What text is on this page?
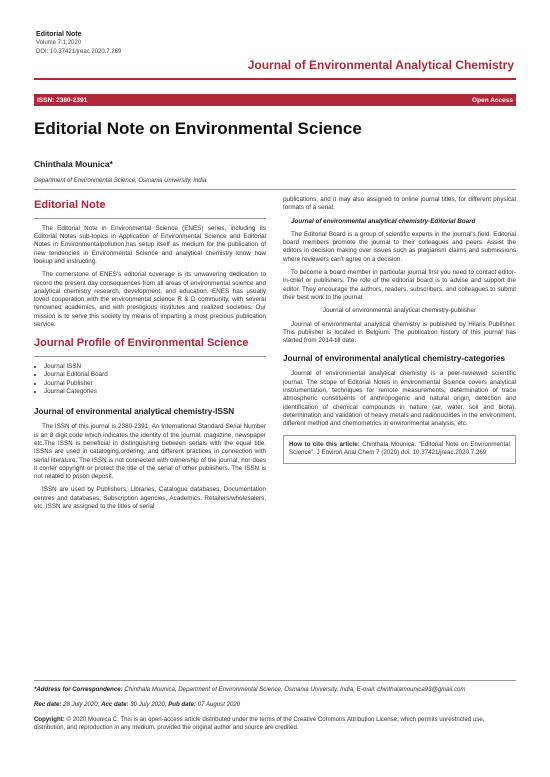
Editorial Note
Volume 7:1,2020
DOI: 10.37421/jreac.2020.7.269
Journal of Environmental Analytical Chemistry
ISSN: 2380-2391	Open Access
Editorial Note on Environmental Science
Chinthala Mounica*
Department of Environmental Science, Osmania University, India
Editorial Note

The Editorial Note in Environmental Science (ENES) series, including its Editorial Notes sub-topics in Application of Environmental Science and Editorial Notes in Environmentalpollution,has setup itself as medium for the publication of new tendencies in Environmental Science and analytical chemistry know how lookup and instructing.

The cornerstone of ENES's editorial coverage is its unwavering dedication to record the present day consequences from all areas of environmental science and analytical chemistry research, development, and education. ENES has usually loved cooperation with the environmental science R & D community, with several renowned academics, and with prestigious institutes and realized societies. Our mission is to serve this society by means of imparting a most precious publication service.

Journal Profile of Environmental Science
• Journal ISSN
• Journal Editorial Board
• Journal Publisher
• Journal Categories
Journal of environmental analytical chemistry-ISSN

The ISSN of this journal is 2380-2391. An International Standard Serial Number is an 8 digit code which indicates the identity of the journal, magazine, newspaper etc.The ISSN is beneficial in distinguishing between serials with the equal title. ISSNs are used in cataloging,ordering, and different practices in connection with serial literature. The ISSN is not connected with ownership of the journal, nor does it confer copyright or protect the title of the serial of other publishers. The ISSN is not related to prison deposit.

ISSN are used by Publishers, Libraries, Catalogue databases, Documentation centres and databases, Subscription agencies, Academics, Retailers/wholesalers, etc. ISSN are assigned to the titles of serial

publications, and it may also assigned to online journal titles, for different physical formats of a serial.

Journal of environmental analytical chemistry-Editorial Board

The Editorial Board is a group of scientific experts in the journal's field. Editorial board members promote the journal to their colleagues and peers. Assist the editors in decision making over issues such as plagiarism claims and submissions where reviewers can't agree on a decision.

To become a board member in particular journal first you need to contact editor-in-chief or publishers. The role of the editorial board is to advise and support the editor. They encourage the authors, readers, subscribers, and colleagues to submit their best work to the journal

Journal of environmental analytical chemistry-publisher

Journal of environmental analytical chemistry is published by Hilaris Publisher. This publisher is located in Belgium. The publication history of this journal has started from 2014-till date.

Journal of environmental analytical chemistry-categories

Journal of environmental analytical chemistry is a peer-reviewed scientific journal. The scope of Editorial Notes in environmental Science covers analytical instrumentation, techniques for remote measurements, determination of trace atmospheric constituents of anthropogenic and natural origin, detection and identification of chemical compounds in nature (air, water, soil and biota), determination and validation of heavy metals and radionuclides in the environment, different method and chemometrics in environmental analysis, etc.

How to cite this article: Chinthala Mounica. "Editorial Note on Environmental Science". J Environ Anal Chem 7 (2020) doi: 10.37421/jreac.2020.7.269
*Address for Correspondence: Chinthala Mounica, Department of Environmental Science, Osmania University, India, E-mail: chinthalamounica93@gmail.com
Rec date: 28 July 2020; Acc date: 30 July 2020; Pub date: 07 August 2020
Copyright: © 2020 Mounica C. This is an open-access article distributed under the terms of the Creative Commons Attribution License, which permits unrestricted use, distribution, and reproduction in any medium, provided the original author and source are credited.
